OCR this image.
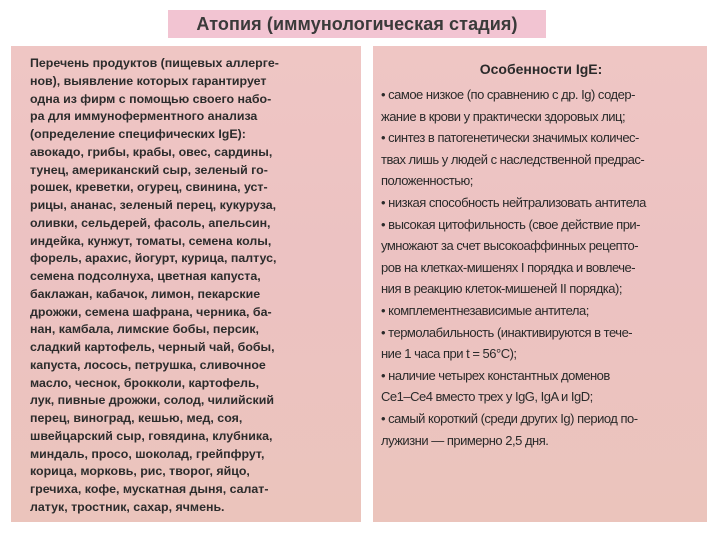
Атопия (иммунологическая стадия)
Перечень продуктов (пищевых аллерге-
нов), выявление которых гарантирует
одна из фирм с помощью своего набо-
ра для иммуноферментного анализа
(определение специфических IgE):
авокадо, грибы, крабы, овес, сардины,
тунец, американский сыр, зеленый го-
рошек, креветки, огурец, свинина, уст-
рицы, ананас, зеленый перец, кукуруза,
оливки, сельдерей, фасоль, апельсин,
индейка, кунжут, томаты, семена колы,
форель, арахис, йогурт, курица, палтус,
семена подсолнуха, цветная капуста,
баклажан, кабачок, лимон, пекарские
дрожжи, семена шафрана, черника, ба-
нан, камбала, лимские бобы, персик,
сладкий картофель, черный чай, бобы,
капуста, лосось, петрушка, сливочное
масло, чеснок, брокколи, картофель,
лук, пивные дрожжи, солод, чилийский
перец, виноград, кешью, мед, соя,
швейцарский сыр, говядина, клубника,
миндаль, просо, шоколад, грейпфрут,
корица, морковь, рис, творог, яйцо,
гречиха, кофе, мускатная дыня, салат-
латук, тростник, сахар, ячмень.
Особенности IgE:
• самое низкое (по сравнению с др. Ig) содер-
жание в крови у практически здоровых лиц;
• синтез в патогенетически значимых количес-
твах лишь у людей с наследственной предрас-
положенностью;
• низкая способность нейтрализовать антитела
• высокая цитофильность (свое действие при-
умножают за счет высокоаффинных рецепто-
ров на клетках-мишенях I порядка и вовлече-
ния в реакцию клеток-мишеней II порядка);
• комплементнезависимые антитела;
• термолабильность (инактивируются в тече-
ние 1 часа при t = 56°С);
• наличие четырех константных доменов
Се1–Се4 вместо трех у IgG, IgA и IgD;
• самый короткий (среди других Ig) период по-
лужизни — примерно 2,5 дня.
